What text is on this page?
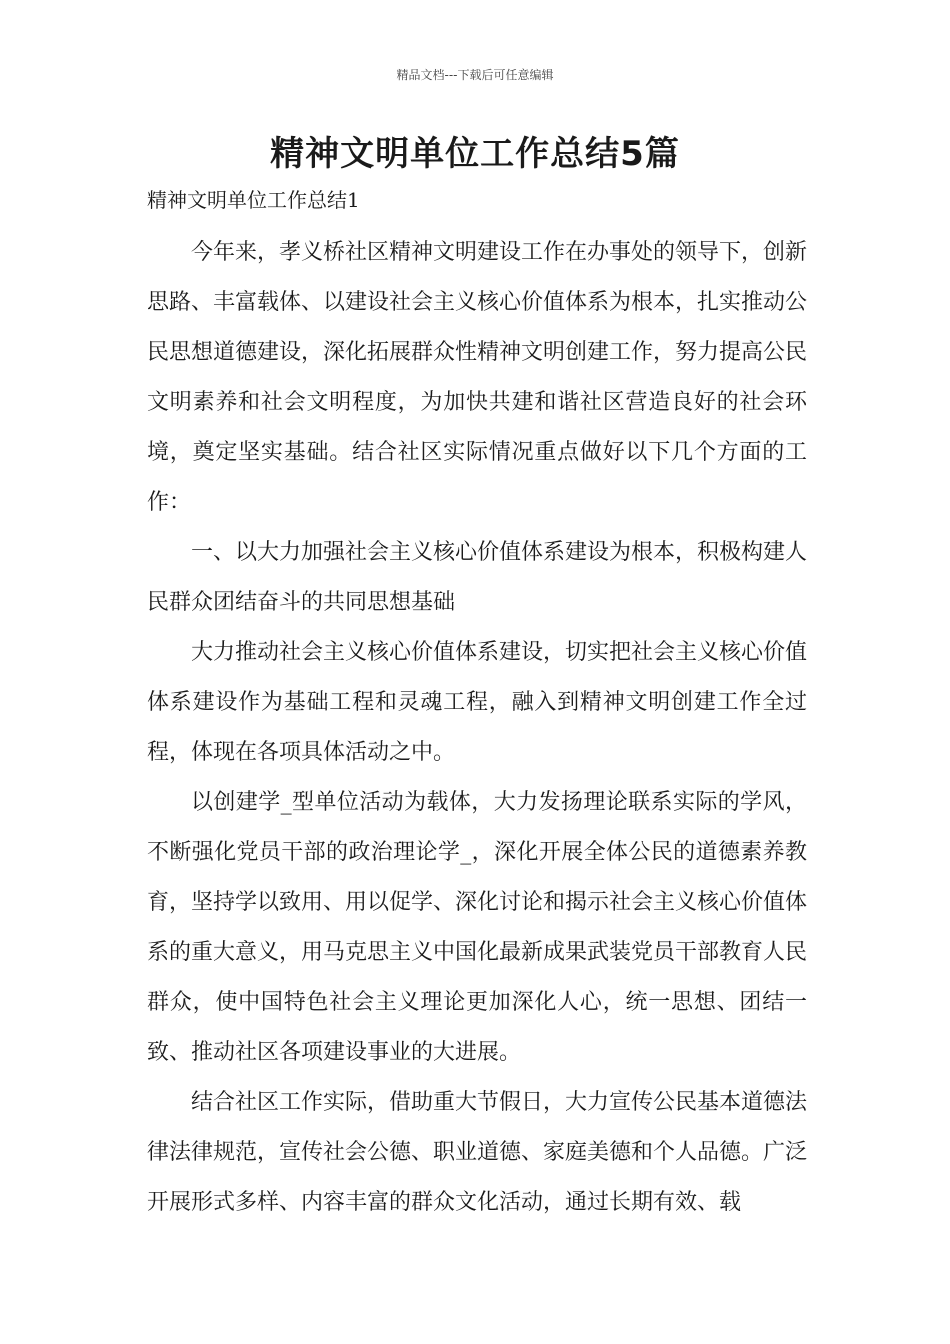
精品文档---下载后可任意编辑
精神文明单位工作总结5篇

精神文明单位工作总结1

今年来，孝义桥社区精神文明建设工作在办事处的领导下，创新思路、丰富载体、以建设社会主义核心价值体系为根本，扎实推动公民思想道德建设，深化拓展群众性精神文明创建工作，努力提高公民文明素养和社会文明程度，为加快共建和谐社区营造良好的社会环境，奠定坚实基础。结合社区实际情况重点做好以下几个方面的工作：

一、以大力加强社会主义核心价值体系建设为根本，积极构建人民群众团结奋斗的共同思想基础

大力推动社会主义核心价值体系建设，切实把社会主义核心价值体系建设作为基础工程和灵魂工程，融入到精神文明创建工作全过程，体现在各项具体活动之中。

以创建学_型单位活动为载体，大力发扬理论联系实际的学风，不断强化党员干部的政治理论学_，深化开展全体公民的道德素养教育，坚持学以致用、用以促学、深化讨论和揭示社会主义核心价值体系的重大意义，用马克思主义中国化最新成果武装党员干部教育人民群众，使中国特色社会主义理论更加深化人心，统一思想、团结一致、推动社区各项建设事业的大进展。

结合社区工作实际，借助重大节假日，大力宣传公民基本道德法律法律规范，宣传社会公德、职业道德、家庭美德和个人品德。广泛开展形式多样、内容丰富的群众文化活动，通过长期有效、载
